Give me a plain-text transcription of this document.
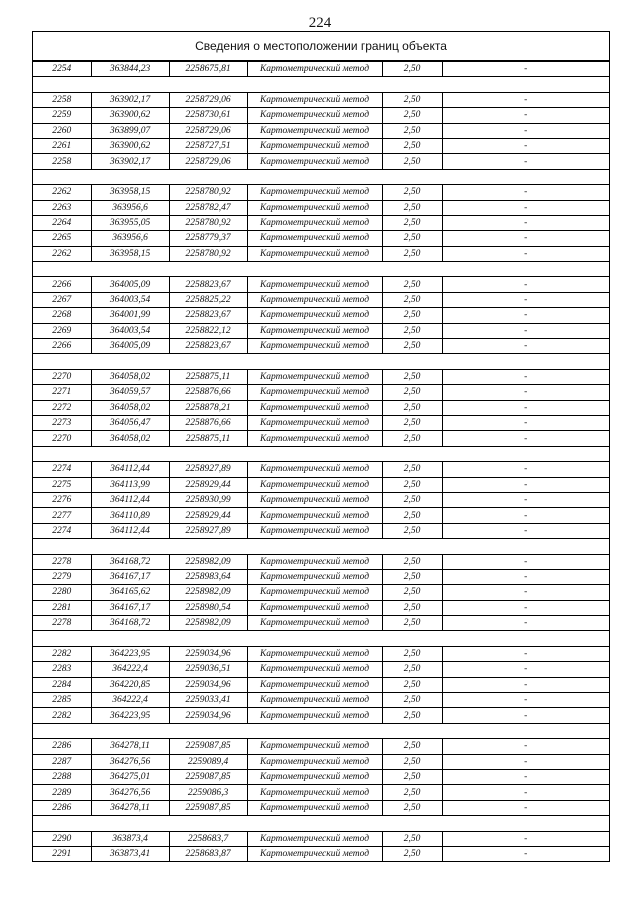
224
Сведения о местоположении границ объекта
2254	363844,23	2258675,81	Картометрический метод	2,50	-

2258	363902,17	2258729,06	Картометрический метод	2,50	-
2259	363900,62	2258730,61	Картометрический метод	2,50	-
2260	363899,07	2258729,06	Картометрический метод	2,50	-
2261	363900,62	2258727,51	Картометрический метод	2,50	-
2258	363902,17	2258729,06	Картометрический метод	2,50	-

2262	363958,15	2258780,92	Картометрический метод	2,50	-
2263	363956,6	2258782,47	Картометрический метод	2,50	-
2264	363955,05	2258780,92	Картометрический метод	2,50	-
2265	363956,6	2258779,37	Картометрический метод	2,50	-
2262	363958,15	2258780,92	Картометрический метод	2,50	-

2266	364005,09	2258823,67	Картометрический метод	2,50	-
2267	364003,54	2258825,22	Картометрический метод	2,50	-
2268	364001,99	2258823,67	Картометрический метод	2,50	-
2269	364003,54	2258822,12	Картометрический метод	2,50	-
2266	364005,09	2258823,67	Картометрический метод	2,50	-

2270	364058,02	2258875,11	Картометрический метод	2,50	-
2271	364059,57	2258876,66	Картометрический метод	2,50	-
2272	364058,02	2258878,21	Картометрический метод	2,50	-
2273	364056,47	2258876,66	Картометрический метод	2,50	-
2270	364058,02	2258875,11	Картометрический метод	2,50	-

2274	364112,44	2258927,89	Картометрический метод	2,50	-
2275	364113,99	2258929,44	Картометрический метод	2,50	-
2276	364112,44	2258930,99	Картометрический метод	2,50	-
2277	364110,89	2258929,44	Картометрический метод	2,50	-
2274	364112,44	2258927,89	Картометрический метод	2,50	-

2278	364168,72	2258982,09	Картометрический метод	2,50	-
2279	364167,17	2258983,64	Картометрический метод	2,50	-
2280	364165,62	2258982,09	Картометрический метод	2,50	-
2281	364167,17	2258980,54	Картометрический метод	2,50	-
2278	364168,72	2258982,09	Картометрический метод	2,50	-

2282	364223,95	2259034,96	Картометрический метод	2,50	-
2283	364222,4	2259036,51	Картометрический метод	2,50	-
2284	364220,85	2259034,96	Картометрический метод	2,50	-
2285	364222,4	2259033,41	Картометрический метод	2,50	-
2282	364223,95	2259034,96	Картометрический метод	2,50	-

2286	364278,11	2259087,85	Картометрический метод	2,50	-
2287	364276,56	2259089,4	Картометрический метод	2,50	-
2288	364275,01	2259087,85	Картометрический метод	2,50	-
2289	364276,56	2259086,3	Картометрический метод	2,50	-
2286	364278,11	2259087,85	Картометрический метод	2,50	-

2290	363873,4	2258683,7	Картометрический метод	2,50	-
2291	363873,41	2258683,87	Картометрический метод	2,50	-
